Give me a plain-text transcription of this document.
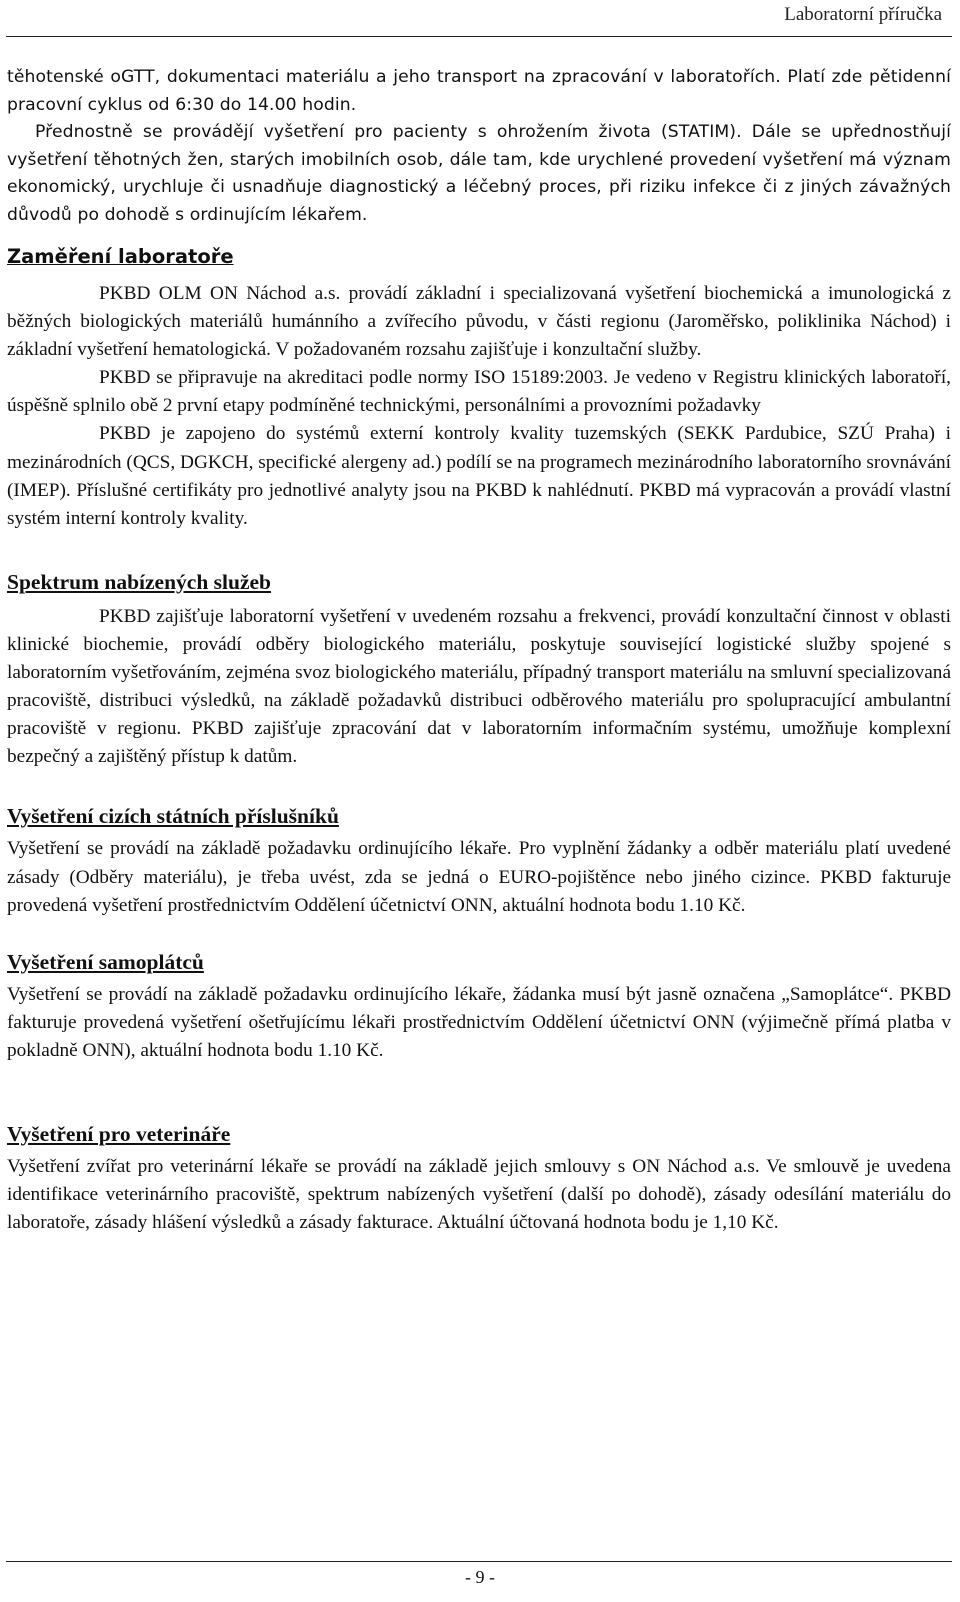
Laboratorní příručka

těhotenské oGTT, dokumentaci materiálu a jeho transport na zpracování v laboratořích. Platí zde pětidenní pracovní cyklus od 6:30 do 14.00 hodin.

Přednostně se provádějí vyšetření pro pacienty s ohrožením života (STATIM). Dále se upřednostňují vyšetření těhotných žen, starých imobilních osob, dále tam, kde urychlené provedení vyšetření má význam ekonomický, urychluje či usnadňuje diagnostický a léčebný proces, při riziku infekce či z jiných závažných důvodů po dohodě s ordinujícím lékařem.

Zaměření laboratoře

PKBD OLM ON Náchod a.s. provádí základní i specializovaná vyšetření biochemická a imunologická z běžných biologických materiálů humánního a zvířecího původu, v části regionu (Jaroměřsko, poliklinika Náchod) i základní vyšetření hematologická. V požadovaném rozsahu zajišťuje i konzultační služby.

PKBD se připravuje na akreditaci podle normy ISO 15189:2003. Je vedeno v Registru klinických laboratoří, úspěšně splnilo obě 2 první etapy podmíněné technickými, personálními a provozními požadavky

PKBD je zapojeno do systémů externí kontroly kvality tuzemských (SEKK Pardubice, SZÚ Praha) i mezinárodních (QCS, DGKCH, specifické alergeny ad.) podílí se na programech mezinárodního laboratorního srovnávání (IMEP). Příslušné certifikáty pro jednotlivé analyty jsou na PKBD k nahlédnutí. PKBD má vypracován a provádí vlastní systém interní kontroly kvality.

Spektrum nabízených služeb

PKBD zajišťuje laboratorní vyšetření v uvedeném rozsahu a frekvenci, provádí konzultační činnost v oblasti klinické biochemie, provádí odběry biologického materiálu, poskytuje související logistické služby spojené s laboratorním vyšetřováním, zejména svoz biologického materiálu, případný transport materiálu na smluvní specializovaná pracoviště, distribuci výsledků, na základě požadavků distribuci odběrového materiálu pro spolupracující ambulantní pracoviště v regionu. PKBD zajišťuje zpracování dat v laboratorním informačním systému, umožňuje komplexní bezpečný a zajištěný přístup k datům.

Vyšetření cizích státních příslušníků

Vyšetření se provádí na základě požadavku ordinujícího lékaře. Pro vyplnění žádanky a odběr materiálu platí uvedené zásady (Odběry materiálu), je třeba uvést, zda se jedná o EURO-pojištěnce nebo jiného cizince. PKBD fakturuje provedená vyšetření prostřednictvím Oddělení účetnictví ONN, aktuální hodnota bodu 1.10 Kč.

Vyšetření samoplátců

Vyšetření se provádí na základě požadavku ordinujícího lékaře, žádanka musí být jasně označena „Samoplátce“. PKBD fakturuje provedená vyšetření ošetřujícímu lékaři prostřednictvím Oddělení účetnictví ONN (výjimečně přímá platba v pokladně ONN), aktuální hodnota bodu 1.10 Kč.

Vyšetření pro veterináře

Vyšetření zvířat pro veterinární lékaře se provádí na základě jejich smlouvy s ON Náchod a.s. Ve smlouvě je uvedena identifikace veterinárního pracoviště, spektrum nabízených vyšetření (další po dohodě), zásady odesílání materiálu do laboratoře, zásady hlášení výsledků a zásady fakturace. Aktuální účtovaná hodnota bodu je 1,10 Kč.

- 9 -
